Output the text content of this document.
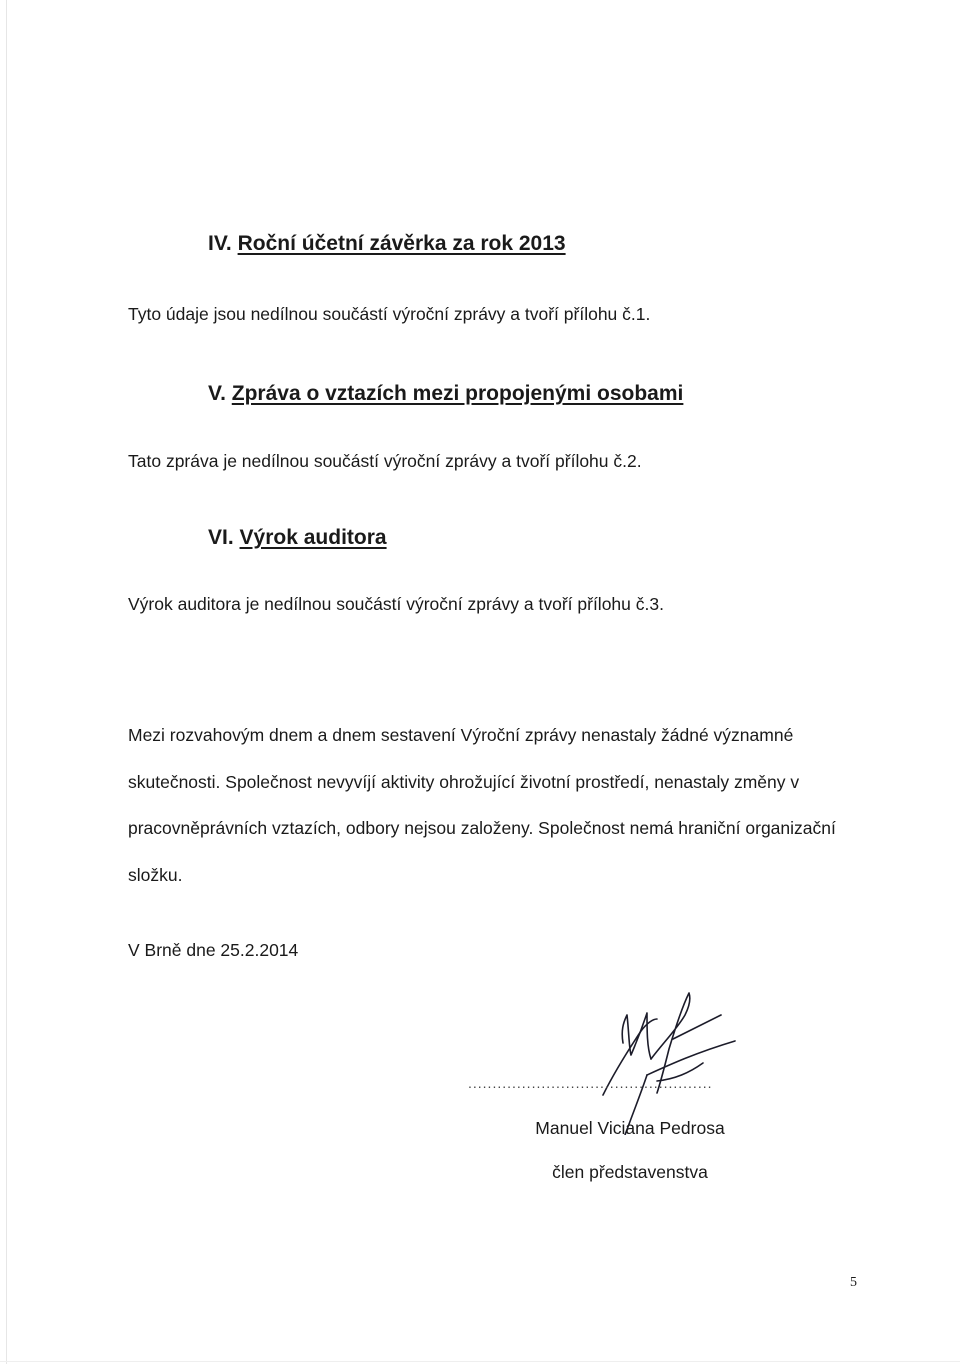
IV. Roční účetní závěrka za rok 2013
Tyto údaje jsou nedílnou součástí výroční zprávy a tvoří přílohu č.1.
V. Zpráva o vztazích mezi propojenými osobami
Tato zpráva je nedílnou součástí výroční zprávy a tvoří přílohu č.2.
VI. Výrok auditora
Výrok auditora je nedílnou součástí výroční zprávy a tvoří přílohu č.3.
Mezi rozvahovým dnem a dnem sestavení Výroční zprávy nenastaly žádné významné skutečnosti. Společnost nevyvíjí aktivity ohrožující životní prostředí, nenastaly změny v pracovněprávních vztazích, odbory nejsou založeny. Společnost nemá hraniční organizační složku.
V Brně dne 25.2.2014
..................................................
Manuel Viciana Pedrosa
člen představenstva
5
